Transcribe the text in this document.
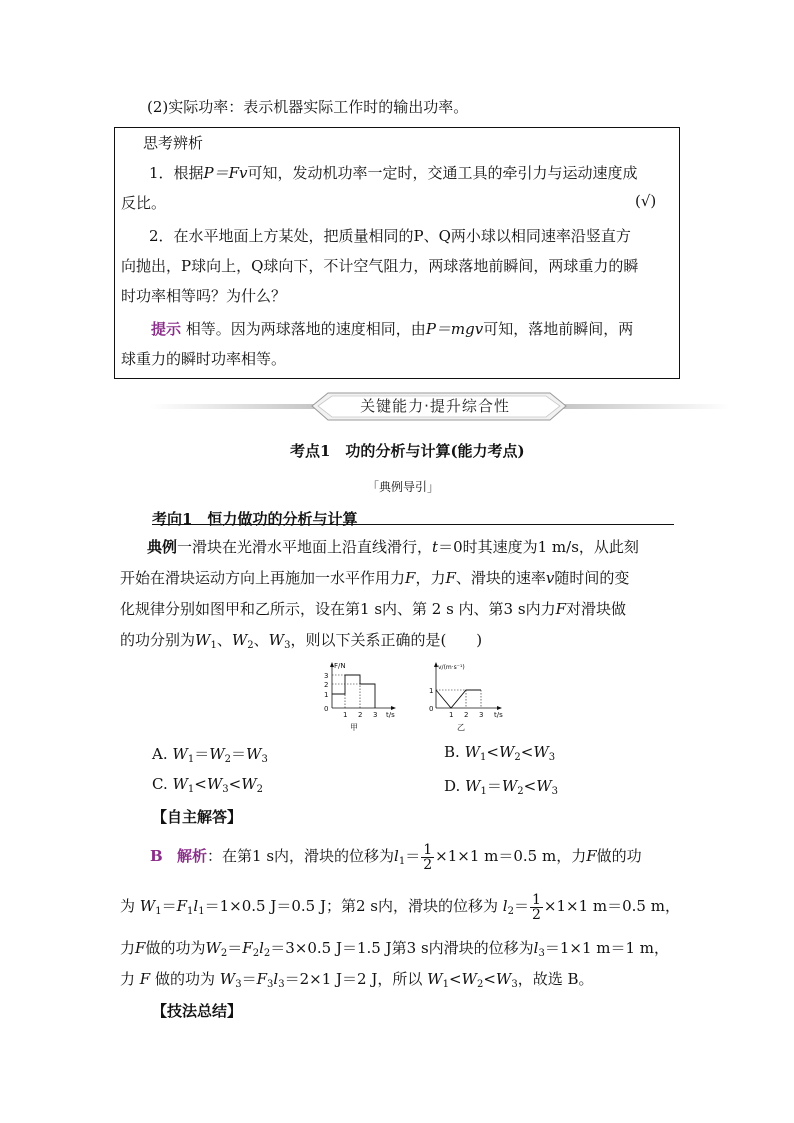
(2)实际功率：表示机器实际工作时的输出功率。
思考辨析
1．根据P＝Fv可知，发动机功率一定时，交通工具的牵引力与运动速度成
反比。	(√)
2．在水平地面上方某处，把质量相同的P、Q两小球以相同速率沿竖直方
向抛出，P球向上，Q球向下，不计空气阻力，两球落地前瞬间，两球重力的瞬
时功率相等吗？为什么？
提示 相等。因为两球落地的速度相同，由P＝mgv可知，落地前瞬间，两
球重力的瞬时功率相等。
关键能力·提升综合性
考点1　功的分析与计算(能力考点)
「典例导引」
考向1　恒力做功的分析与计算
典例一滑块在光滑水平地面上沿直线滑行，t＝0时其速度为1 m/s，从此刻
开始在滑块运动方向上再施加一水平作用力F，力F、滑块的速率v随时间的变
化规律分别如图甲和乙所示，设在第1 s内、第 2 s 内、第3 s内力F对滑块做
的功分别为$W_1$、$W_2$、$W_3$，则以下关系正确的是(　　)
F/N
t/s
3
2
1
0
1 2 3
甲
v/(m·s⁻¹)
t/s
1
0
1 2 3
乙
A. $W_1=W_2=W_3$	B. $W_1<W_2<W_3$
C. $W_1<W_3<W_2$	D. $W_1=W_2<W_3$
【自主解答】
B 解析：在第1 s内，滑块的位移为$l_1= \frac{1}{2} \times 1\times 1$ m＝0.5 m，力F做的功
为 $W_1=F_1l_1=1\times 0.5$ J＝0.5 J；第2 s内，滑块的位移为 $l_2= \frac{1}{2} \times 1\times 1$ m＝0.5 m，
力F做的功为$W_2=F_2l_2=3\times 0.5$ J＝1.5 J第3 s内滑块的位移为$l_3=1\times 1$ m＝1 m，
力 F 做的功为 $W_3=F_3l_3=2\times 1$ J＝2 J，所以 $W_1<W_2<W_3$，故选 B。
【技法总结】
